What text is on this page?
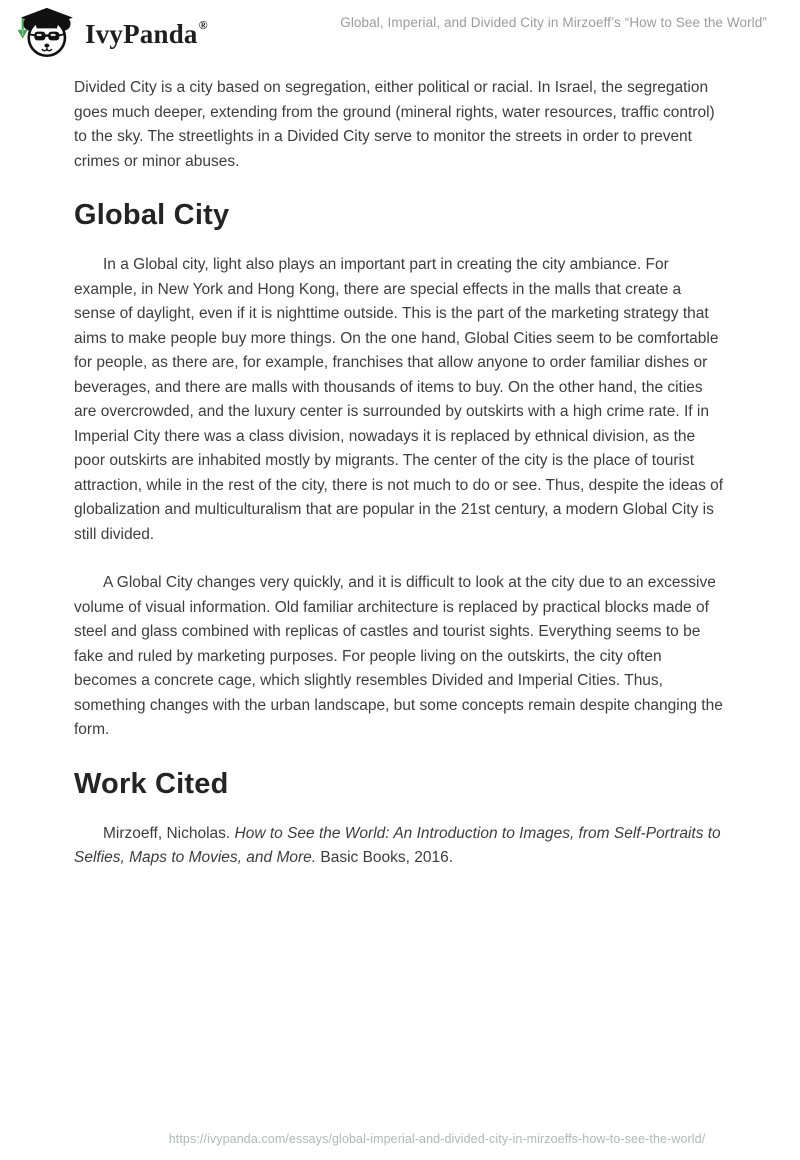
IvyPanda®	Global, Imperial, and Divided City in Mirzoeff’s “How to See the World”

Divided City is a city based on segregation, either political or racial. In Israel, the segregation goes much deeper, extending from the ground (mineral rights, water resources, traffic control) to the sky. The streetlights in a Divided City serve to monitor the streets in order to prevent crimes or minor abuses.

Global City

In a Global city, light also plays an important part in creating the city ambiance. For example, in New York and Hong Kong, there are special effects in the malls that create a sense of daylight, even if it is nighttime outside. This is the part of the marketing strategy that aims to make people buy more things. On the one hand, Global Cities seem to be comfortable for people, as there are, for example, franchises that allow anyone to order familiar dishes or beverages, and there are malls with thousands of items to buy. On the other hand, the cities are overcrowded, and the luxury center is surrounded by outskirts with a high crime rate. If in Imperial City there was a class division, nowadays it is replaced by ethnical division, as the poor outskirts are inhabited mostly by migrants. The center of the city is the place of tourist attraction, while in the rest of the city, there is not much to do or see. Thus, despite the ideas of globalization and multiculturalism that are popular in the 21st century, a modern Global City is still divided.

A Global City changes very quickly, and it is difficult to look at the city due to an excessive volume of visual information. Old familiar architecture is replaced by practical blocks made of steel and glass combined with replicas of castles and tourist sights. Everything seems to be fake and ruled by marketing purposes. For people living on the outskirts, the city often becomes a concrete cage, which slightly resembles Divided and Imperial Cities. Thus, something changes with the urban landscape, but some concepts remain despite changing the form.

Work Cited

Mirzoeff, Nicholas. How to See the World: An Introduction to Images, from Self-Portraits to Selfies, Maps to Movies, and More. Basic Books, 2016.

https://ivypanda.com/essays/global-imperial-and-divided-city-in-mirzoeffs-how-to-see-the-world/
